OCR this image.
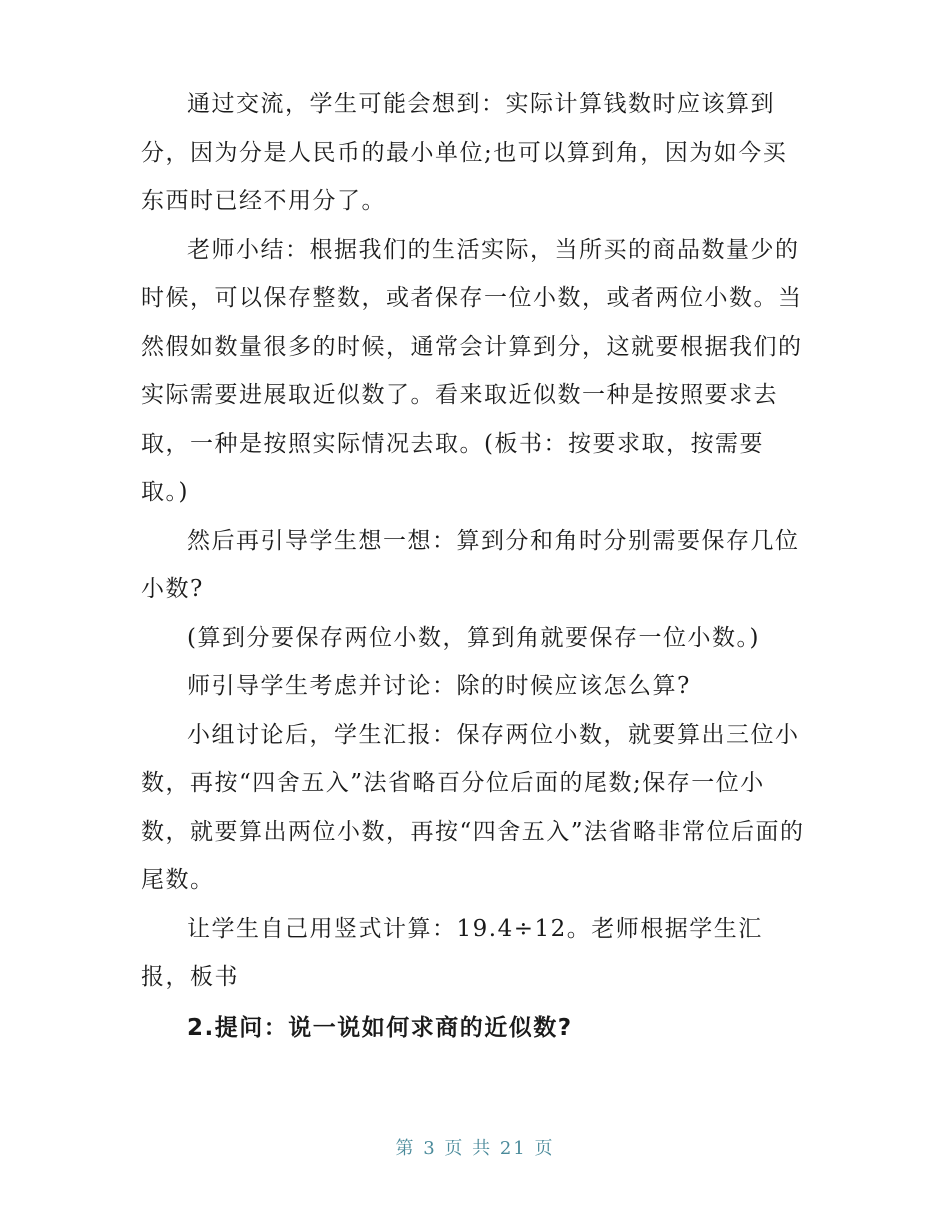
通过交流，学生可能会想到：实际计算钱数时应该算到分，因为分是人民币的最小单位;也可以算到角，因为如今买东西时已经不用分了。

老师小结：根据我们的生活实际，当所买的商品数量少的时候，可以保存整数，或者保存一位小数，或者两位小数。当然假如数量很多的时候，通常会计算到分，这就要根据我们的实际需要进展取近似数了。看来取近似数一种是按照要求去取，一种是按照实际情况去取。(板书：按要求取，按需要取。)

然后再引导学生想一想：算到分和角时分别需要保存几位小数?

(算到分要保存两位小数，算到角就要保存一位小数。)

师引导学生考虑并讨论：除的时候应该怎么算?

小组讨论后，学生汇报：保存两位小数，就要算出三位小数，再按“四舍五入”法省略百分位后面的尾数;保存一位小数，就要算出两位小数，再按“四舍五入”法省略非常位后面的尾数。

让学生自己用竖式计算：19.4÷12。老师根据学生汇报，板书

2.提问：说一说如何求商的近似数?

第 3 页 共 21 页
